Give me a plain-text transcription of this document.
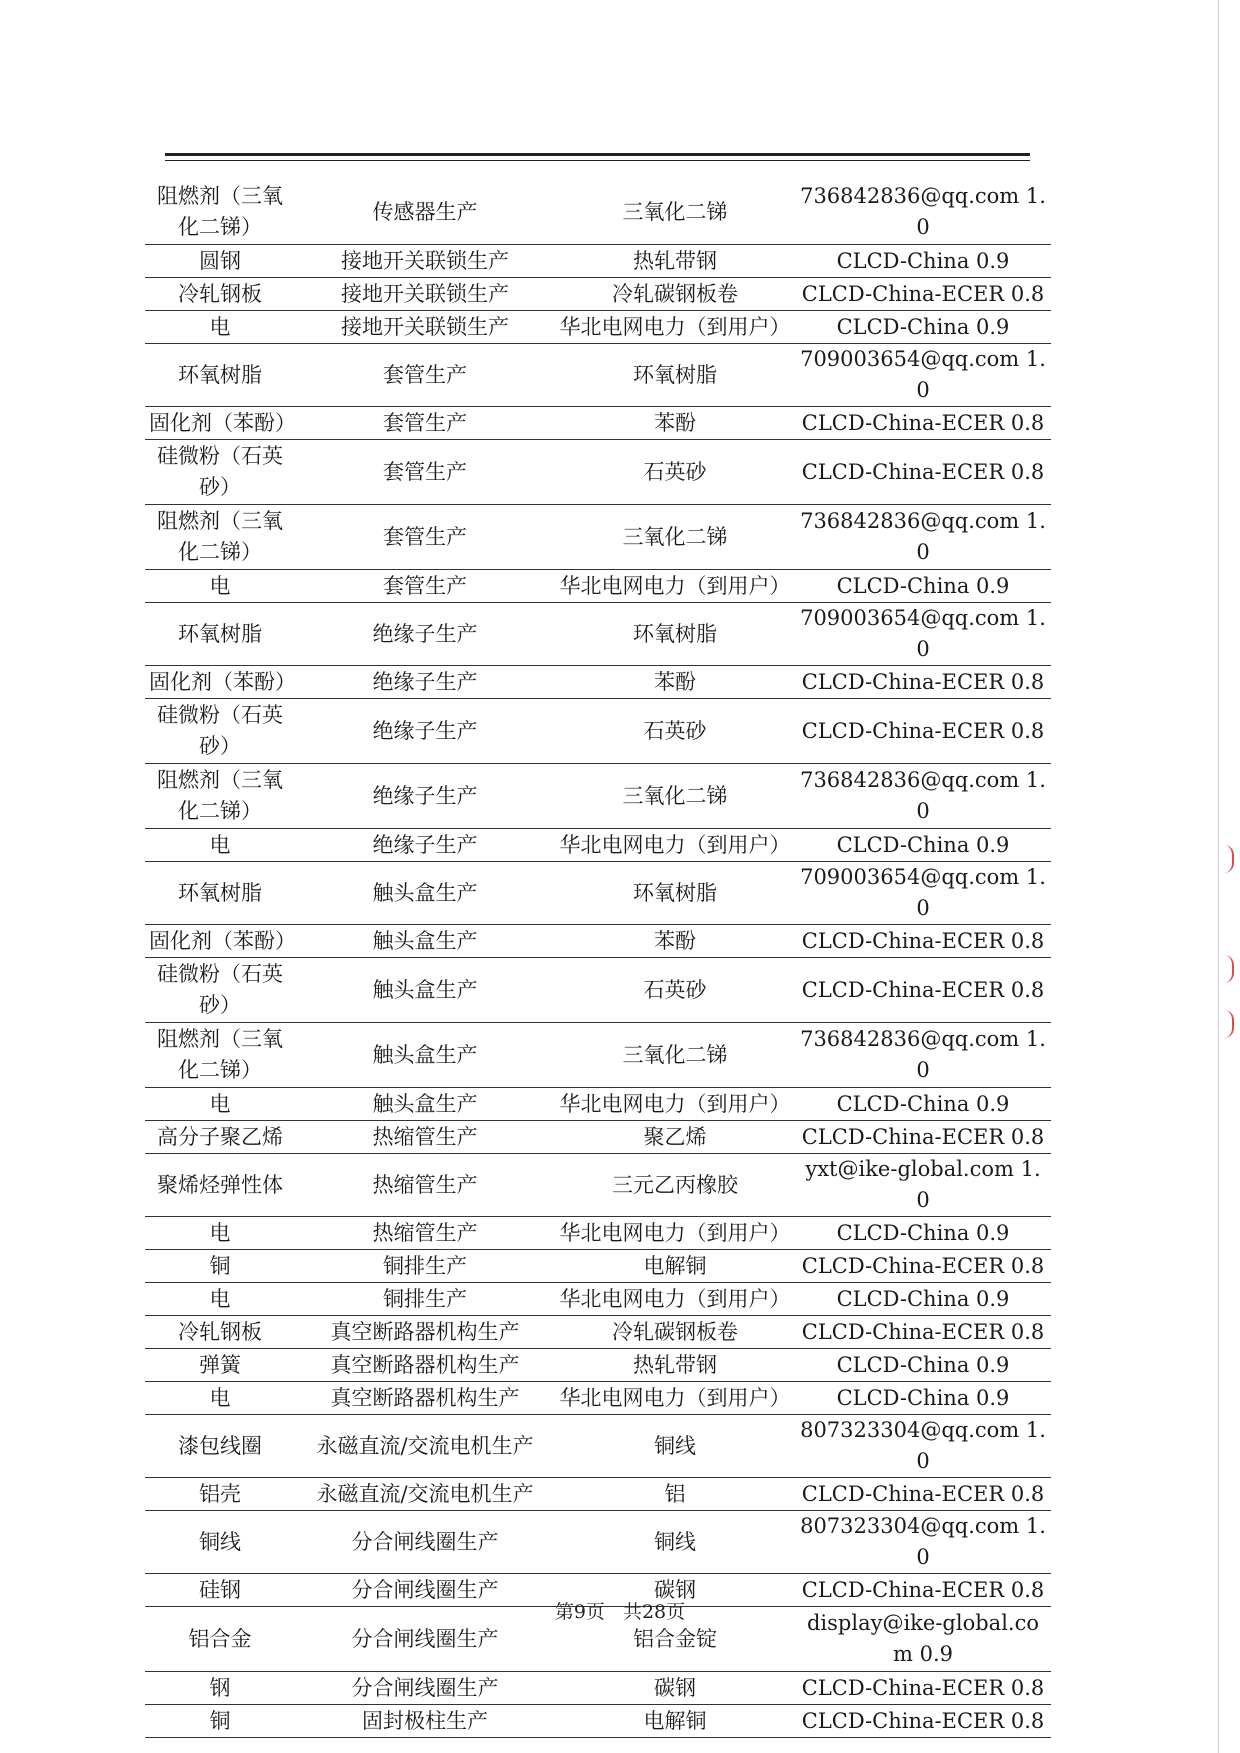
阻燃剂（三氧化二锑）	传感器生产	三氧化二锑	736842836@qq.com 1.0
圆钢	接地开关联锁生产	热轧带钢	CLCD-China 0.9
冷轧钢板	接地开关联锁生产	冷轧碳钢板卷	CLCD-China-ECER 0.8
电	接地开关联锁生产	华北电网电力（到用户）	CLCD-China 0.9
环氧树脂	套管生产	环氧树脂	709003654@qq.com 1.0
固化剂（苯酚）	套管生产	苯酚	CLCD-China-ECER 0.8
硅微粉（石英砂）	套管生产	石英砂	CLCD-China-ECER 0.8
阻燃剂（三氧化二锑）	套管生产	三氧化二锑	736842836@qq.com 1.0
电	套管生产	华北电网电力（到用户）	CLCD-China 0.9
环氧树脂	绝缘子生产	环氧树脂	709003654@qq.com 1.0
固化剂（苯酚）	绝缘子生产	苯酚	CLCD-China-ECER 0.8
硅微粉（石英砂）	绝缘子生产	石英砂	CLCD-China-ECER 0.8
阻燃剂（三氧化二锑）	绝缘子生产	三氧化二锑	736842836@qq.com 1.0
电	绝缘子生产	华北电网电力（到用户）	CLCD-China 0.9
环氧树脂	触头盒生产	环氧树脂	709003654@qq.com 1.0
固化剂（苯酚）	触头盒生产	苯酚	CLCD-China-ECER 0.8
硅微粉（石英砂）	触头盒生产	石英砂	CLCD-China-ECER 0.8
阻燃剂（三氧化二锑）	触头盒生产	三氧化二锑	736842836@qq.com 1.0
电	触头盒生产	华北电网电力（到用户）	CLCD-China 0.9
高分子聚乙烯	热缩管生产	聚乙烯	CLCD-China-ECER 0.8
聚烯烃弹性体	热缩管生产	三元乙丙橡胶	yxt@ike-global.com 1.0
电	热缩管生产	华北电网电力（到用户）	CLCD-China 0.9
铜	铜排生产	电解铜	CLCD-China-ECER 0.8
电	铜排生产	华北电网电力（到用户）	CLCD-China 0.9
冷轧钢板	真空断路器机构生产	冷轧碳钢板卷	CLCD-China-ECER 0.8
弹簧	真空断路器机构生产	热轧带钢	CLCD-China 0.9
电	真空断路器机构生产	华北电网电力（到用户）	CLCD-China 0.9
漆包线圈	永磁直流/交流电机生产	铜线	807323304@qq.com 1.0
铝壳	永磁直流/交流电机生产	铝	CLCD-China-ECER 0.8
铜线	分合闸线圈生产	铜线	807323304@qq.com 1.0
硅钢	分合闸线圈生产	碳钢	CLCD-China-ECER 0.8
铝合金	分合闸线圈生产	铝合金锭	display@ike-global.com 0.9
钢	分合闸线圈生产	碳钢	CLCD-China-ECER 0.8
铜	固封极柱生产	电解铜	CLCD-China-ECER 0.8
第9页 共28页
